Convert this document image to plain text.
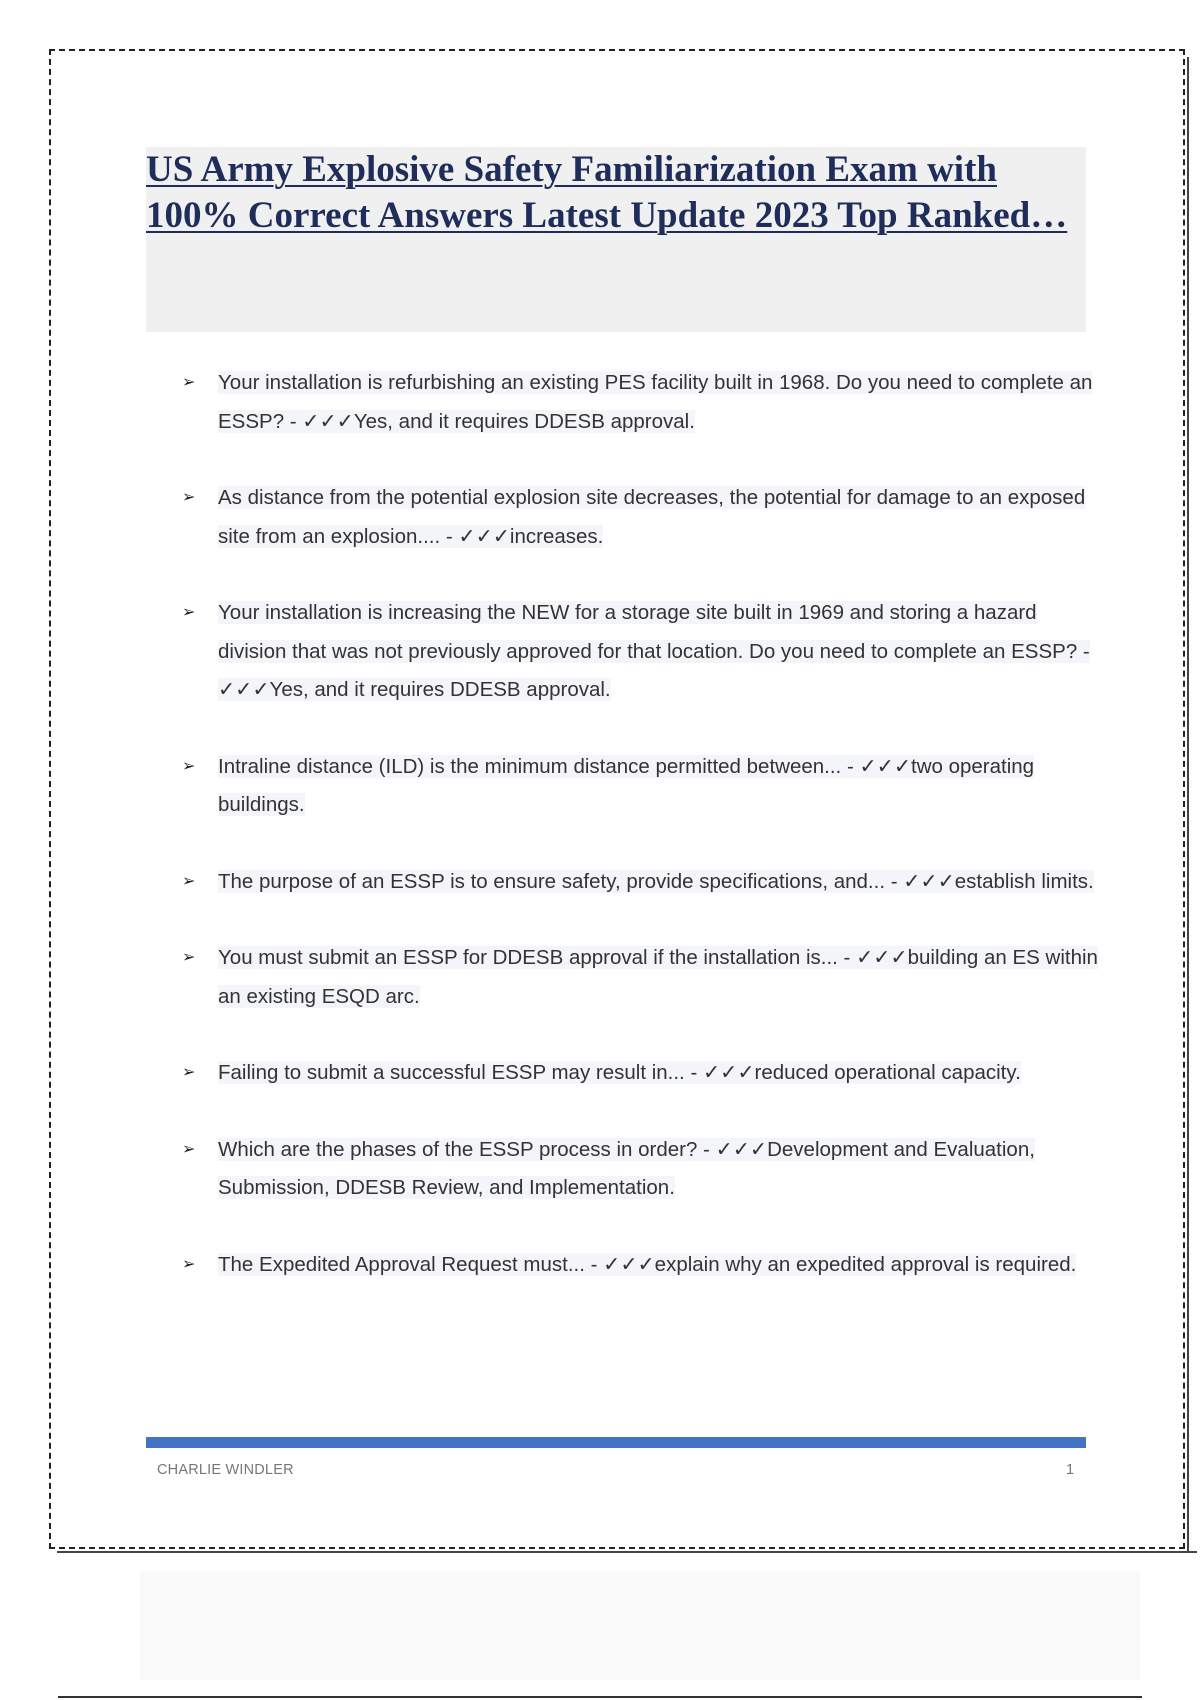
US Army Explosive Safety Familiarization Exam with 100% Correct Answers Latest Update 2023 Top Ranked…
➢ Your installation is refurbishing an existing PES facility built in 1968. Do you need to complete an ESSP? - ✓✓✓Yes, and it requires DDESB approval.
➢ As distance from the potential explosion site decreases, the potential for damage to an exposed site from an explosion.... - ✓✓✓increases.
➢ Your installation is increasing the NEW for a storage site built in 1969 and storing a hazard division that was not previously approved for that location. Do you need to complete an ESSP? - ✓✓✓Yes, and it requires DDESB approval.
➢ Intraline distance (ILD) is the minimum distance permitted between... - ✓✓✓two operating buildings.
➢ The purpose of an ESSP is to ensure safety, provide specifications, and... - ✓✓✓establish limits.
➢ You must submit an ESSP for DDESB approval if the installation is... - ✓✓✓building an ES within an existing ESQD arc.
➢ Failing to submit a successful ESSP may result in... - ✓✓✓reduced operational capacity.
➢ Which are the phases of the ESSP process in order? - ✓✓✓Development and Evaluation, Submission, DDESB Review, and Implementation.
➢ The Expedited Approval Request must... - ✓✓✓explain why an expedited approval is required.
CHARLIE WINDLER	1
